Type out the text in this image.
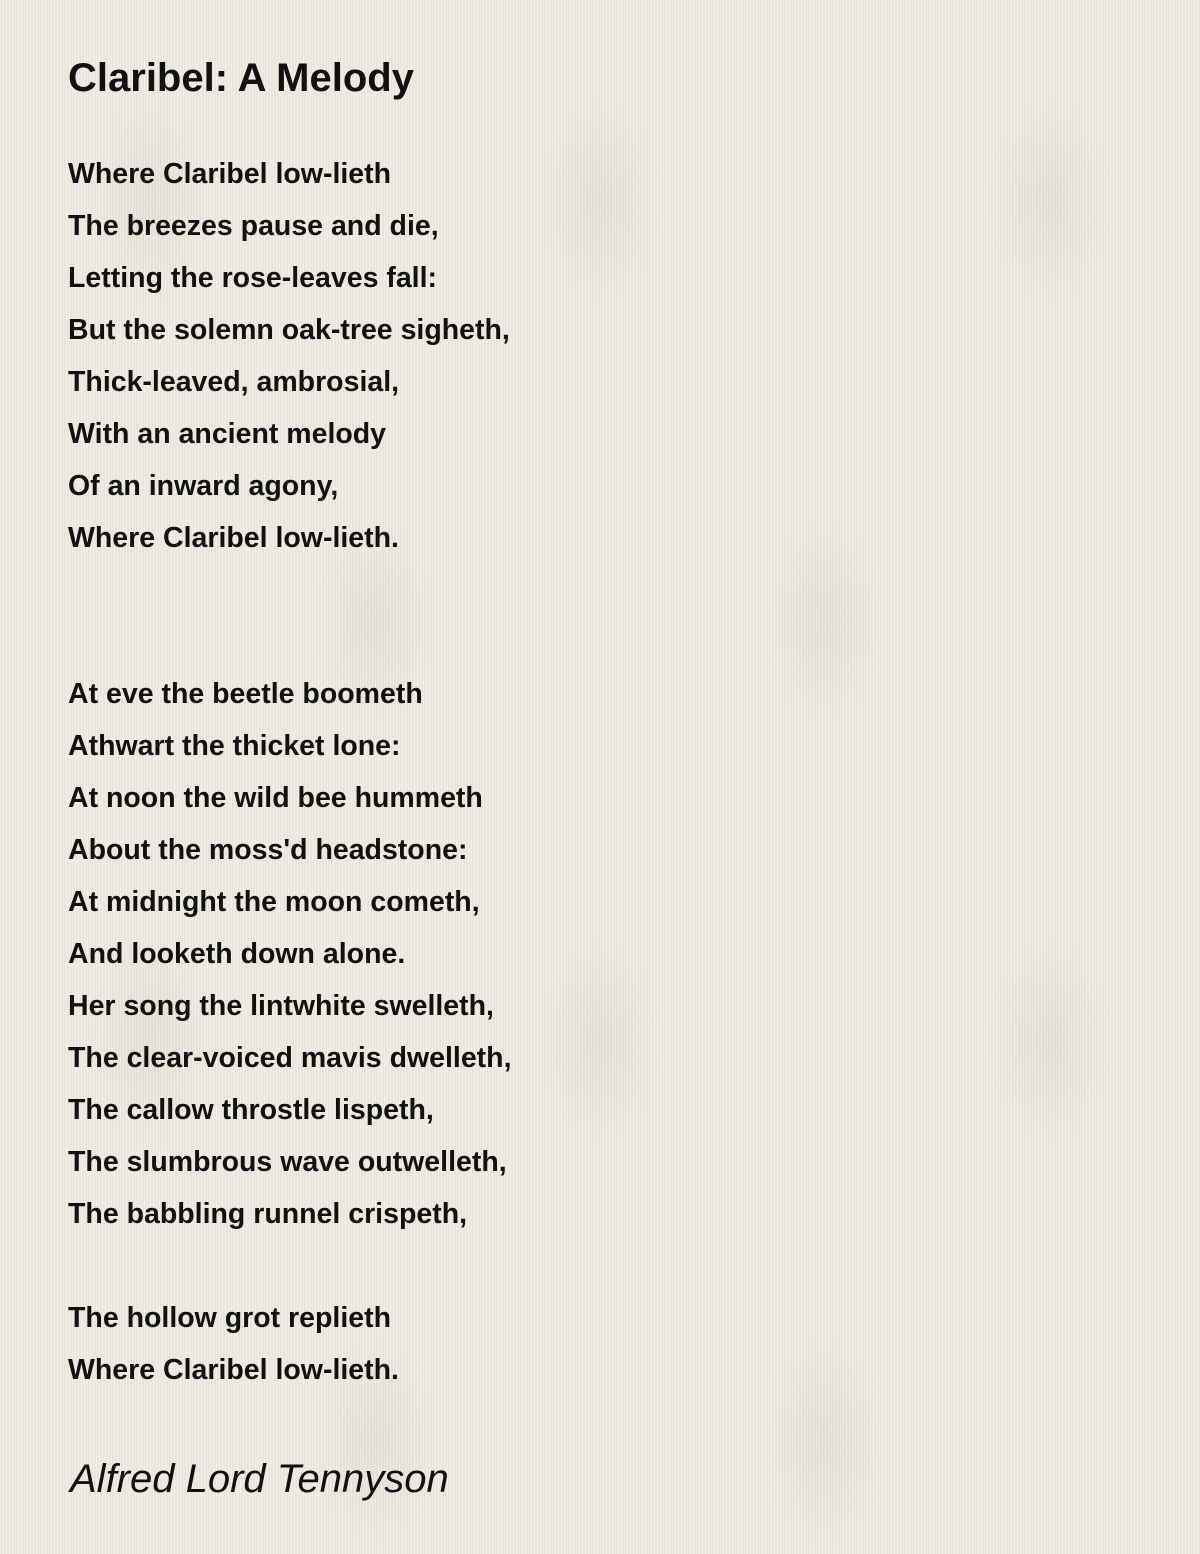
Claribel: A Melody

Where Claribel low-lieth

The breezes pause and die,

Letting the rose-leaves fall:

But the solemn oak-tree sigheth,

Thick-leaved, ambrosial,

With an ancient melody

Of an inward agony,

Where Claribel low-lieth.

At eve the beetle boometh

Athwart the thicket lone:

At noon the wild bee hummeth

About the moss'd headstone:

At midnight the moon cometh,

And looketh down alone.

Her song the lintwhite swelleth,

The clear-voiced mavis dwelleth,

The callow throstle lispeth,

The slumbrous wave outwelleth,

The babbling runnel crispeth,

The hollow grot replieth

Where Claribel low-lieth.

Alfred Lord Tennyson
